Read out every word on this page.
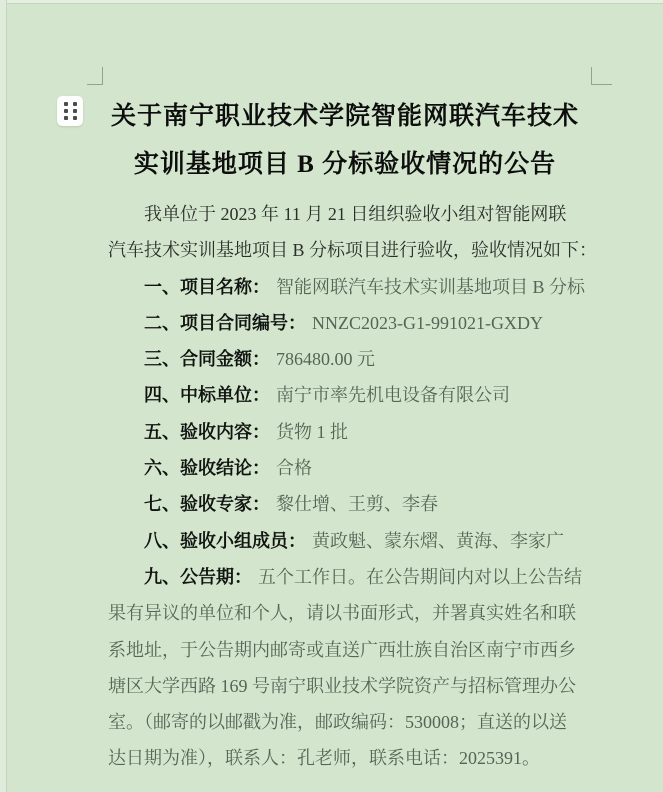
关于南宁职业技术学院智能网联汽车技术
实训基地项目 B 分标验收情况的公告
我单位于 2023 年 11 月 21 日组织验收小组对智能网联
汽车技术实训基地项目 B 分标项目进行验收，验收情况如下：
一、项目名称： 智能网联汽车技术实训基地项目 B 分标
二、项目合同编号： NNZC2023-G1-991021-GXDY
三、合同金额： 786480.00 元
四、中标单位： 南宁市率先机电设备有限公司
五、验收内容： 货物 1 批
六、验收结论： 合格
七、验收专家： 黎仕增、王剪、李春
八、验收小组成员： 黄政魁、蒙东熠、黄海、李家广
九、公告期： 五个工作日。在公告期间内对以上公告结
果有异议的单位和个人，请以书面形式，并署真实姓名和联
系地址，于公告期内邮寄或直送广西壮族自治区南宁市西乡
塘区大学西路 169 号南宁职业技术学院资产与招标管理办公
室。（邮寄的以邮戳为准，邮政编码：530008；直送的以送
达日期为准），联系人：孔老师，联系电话：2025391。
